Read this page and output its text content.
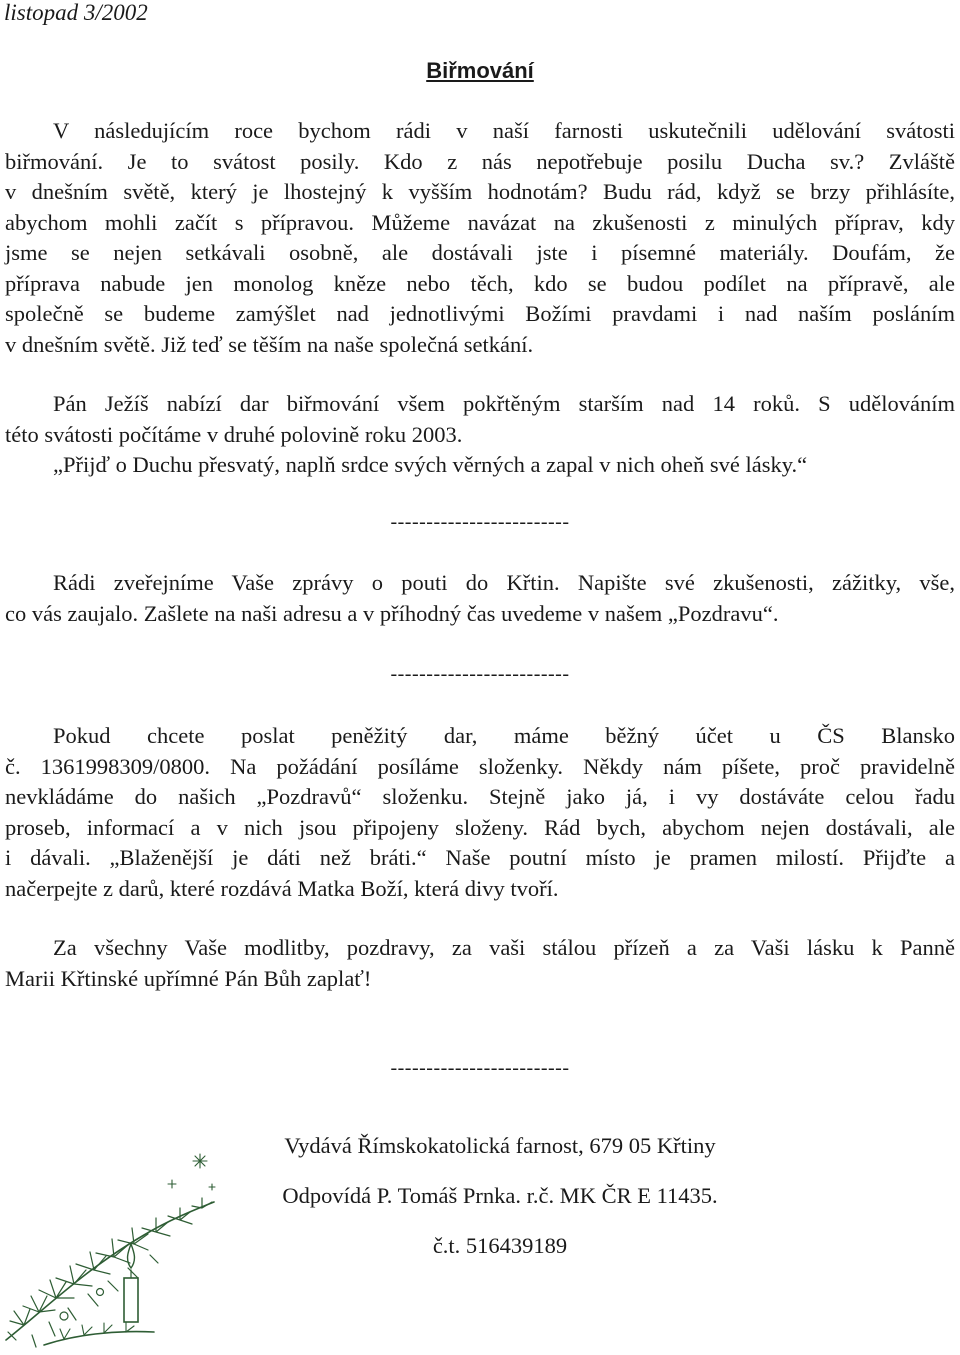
listopad 3/2002
Biřmování
V následujícím roce bychom rádi v naší farnosti uskutečnili udělování svátosti
biřmování. Je to svátost posily. Kdo z nás nepotřebuje posilu Ducha sv.? Zvláště
v dnešním světě, který je lhostejný k vyšším hodnotám? Budu rád, když se brzy přihlásíte,
abychom mohli začít s přípravou. Můžeme navázat na zkušenosti z minulých příprav, kdy
jsme se nejen setkávali osobně, ale dostávali jste i písemné materiály. Doufám, že
příprava nabude jen monolog kněze nebo těch, kdo se budou podílet na přípravě, ale
společně se budeme zamýšlet nad jednotlivými Božími pravdami i nad naším posláním
v dnešním světě. Již teď se těším na naše společná setkání.
Pán Ježíš nabízí dar biřmování všem pokřtěným starším nad 14 roků. S udělováním
této svátosti počítáme v druhé polovině roku 2003.
„Přijď o Duchu přesvatý, naplň srdce svých věrných a zapal v nich oheň své lásky.“
-------------------------
Rádi zveřejníme Vaše zprávy o pouti do Křtin. Napište své zkušenosti, zážitky, vše,
co vás zaujalo. Zašlete na naši adresu a v příhodný čas uvedeme v našem „Pozdravu“.
-------------------------
Pokud chcete poslat peněžitý dar, máme běžný účet u ČS Blansko
č. 1361998309/0800. Na požádání posíláme složenky. Někdy nám píšete, proč pravidelně
nevkládáme do našich „Pozdravů“ složenku. Stejně jako já, i vy dostáváte celou řadu
proseb, informací a v nich jsou připojeny složeny. Rád bych, abychom nejen dostávali, ale
i dávali. „Blaženější je dáti než bráti.“ Naše poutní místo je pramen milostí. Přijďte a
načerpejte z darů, které rozdává Matka Boží, která divy tvoří.
Za všechny Vaše modlitby, pozdravy, za vaši stálou přízeň a za Vaši lásku k Panně
Marii Křtinské upřímné Pán Bůh zaplať!
-------------------------
Vydává Římskokatolická farnost, 679 05 Křtiny
Odpovídá P. Tomáš Prnka. r.č. MK ČR E 11435.
č.t. 516439189
